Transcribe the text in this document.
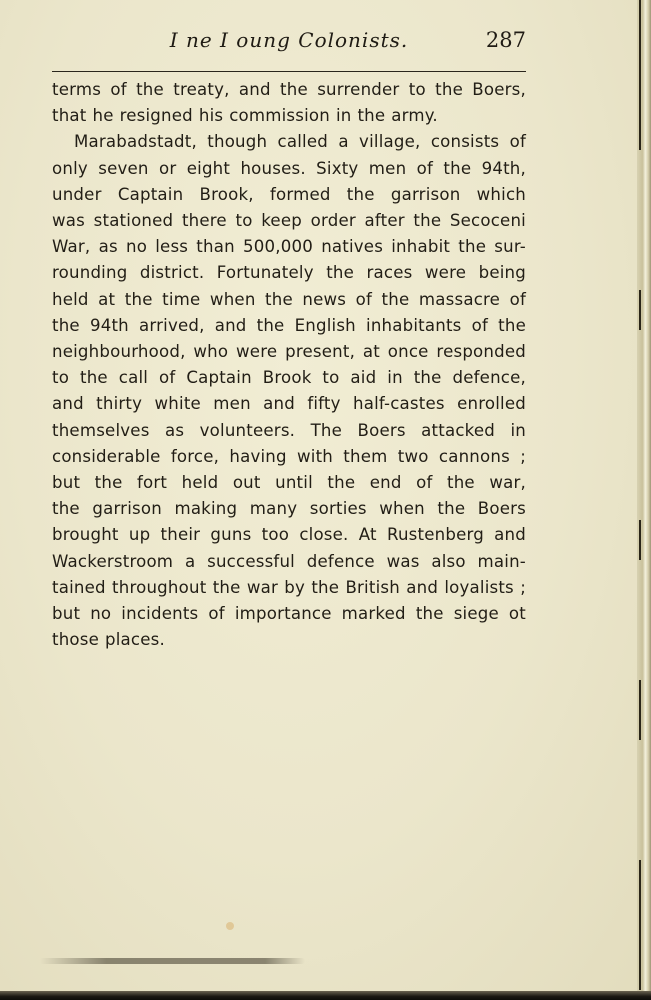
I ne I oung Colonists.	287
terms of the treaty, and the surrender to the Boers,
that he resigned his commission in the army.
Marabadstadt, though called a village, consists of
only seven or eight houses. Sixty men of the 94th,
under Captain Brook, formed the garrison which
was stationed there to keep order after the Secoceni
War, as no less than 500,000 natives inhabit the sur-
rounding district. Fortunately the races were being
held at the time when the news of the massacre of
the 94th arrived, and the English inhabitants of the
neighbourhood, who were present, at once responded
to the call of Captain Brook to aid in the defence,
and thirty white men and fifty half-castes enrolled
themselves as volunteers. The Boers attacked in
considerable force, having with them two cannons ;
but the fort held out until the end of the war,
the garrison making many sorties when the Boers
brought up their guns too close. At Rustenberg and
Wackerstroom a successful defence was also main-
tained throughout the war by the British and loyalists ;
but no incidents of importance marked the siege ot
those places.
